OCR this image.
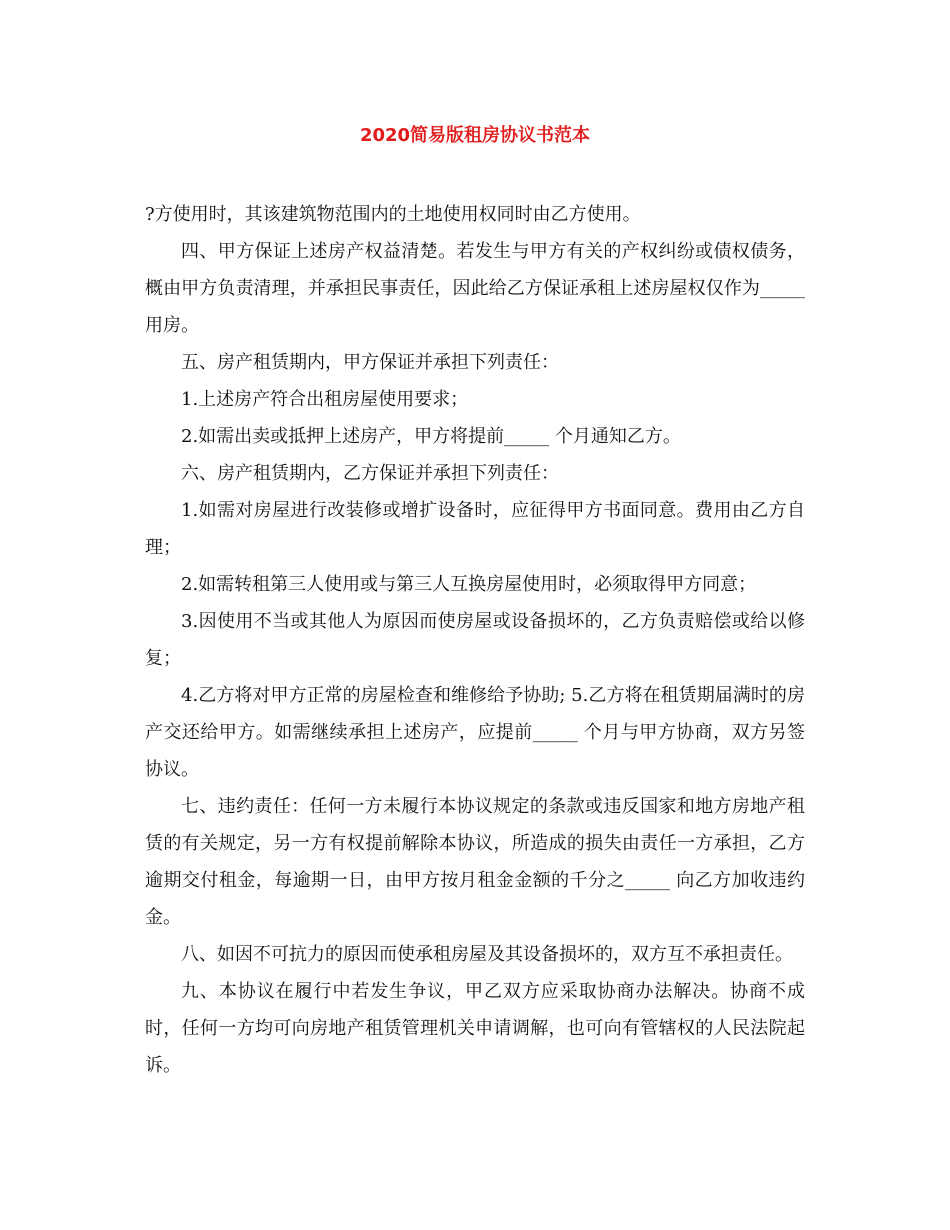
2020简易版租房协议书范本

?方使用时，其该建筑物范围内的土地使用权同时由乙方使用。

四、甲方保证上述房产权益清楚。若发生与甲方有关的产权纠纷或债权债务，概由甲方负责清理，并承担民事责任，因此给乙方保证承租上述房屋权仅作为_____ 用房。

五、房产租赁期内，甲方保证并承担下列责任：

1.上述房产符合出租房屋使用要求；

2.如需出卖或抵押上述房产，甲方将提前_____ 个月通知乙方。

六、房产租赁期内，乙方保证并承担下列责任：

1.如需对房屋进行改装修或增扩设备时，应征得甲方书面同意。费用由乙方自理；

2.如需转租第三人使用或与第三人互换房屋使用时，必须取得甲方同意；

3.因使用不当或其他人为原因而使房屋或设备损坏的，乙方负责赔偿或给以修复；

4.乙方将对甲方正常的房屋检查和维修给予协助; 5.乙方将在租赁期届满时的房产交还给甲方。如需继续承担上述房产，应提前_____ 个月与甲方协商，双方另签协议。

七、违约责任：任何一方未履行本协议规定的条款或违反国家和地方房地产租赁的有关规定，另一方有权提前解除本协议，所造成的损失由责任一方承担，乙方逾期交付租金，每逾期一日，由甲方按月租金金额的千分之_____ 向乙方加收违约金。

八、如因不可抗力的原因而使承租房屋及其设备损坏的，双方互不承担责任。

九、本协议在履行中若发生争议，甲乙双方应采取协商办法解决。协商不成时，任何一方均可向房地产租赁管理机关申请调解，也可向有管辖权的人民法院起诉。
